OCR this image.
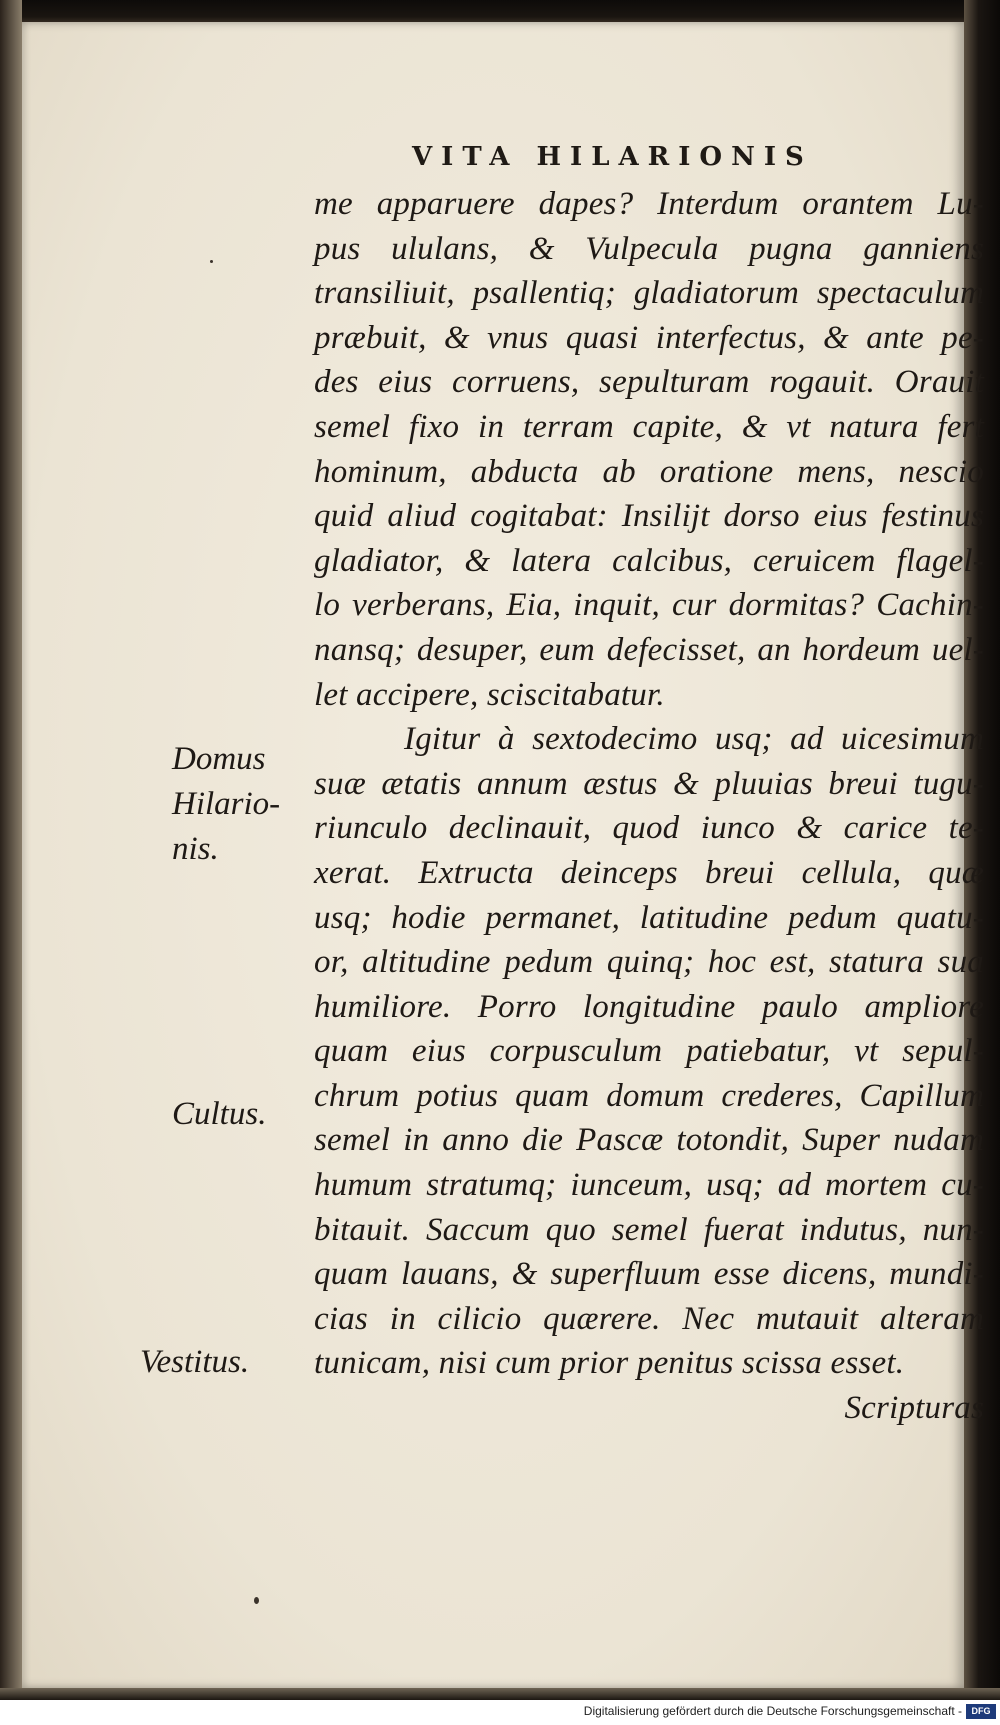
VITA HILARIONIS
me apparuere dapes? Interdum orantem Lu-
pus ululans, & Vulpecula pugna ganniens
transiliuit, psallentiq; gladiatorum spectaculum
præbuit, & vnus quasi interfectus, & ante pe-
des eius corruens, sepulturam rogauit. Orauit
semel fixo in terram capite, & vt natura fert
hominum, abducta ab oratione mens, nescio
quid aliud cogitabat: Insilijt dorso eius festinus
gladiator, & latera calcibus, ceruicem flagel-
lo verberans, Eia, inquit, cur dormitas? Cachin-
nansq; desuper, eum defecisset, an hordeum uel-
let accipere, sciscitabatur.
Igitur à sextodecimo usq; ad uicesimum
suæ ætatis annum æstus & pluuias breui tugu-
riunculo declinauit, quod iunco & carice te-
xerat. Extructa deinceps breui cellula, quæ
usq; hodie permanet, latitudine pedum quatu-
or, altitudine pedum quinq; hoc est, statura sua
humiliore. Porro longitudine paulo ampliore
quam eius corpusculum patiebatur, vt sepul-
chrum potius quam domum crederes, Capillum
semel in anno die Pascæ totondit, Super nudam
humum stratumq; iunceum, usq; ad mortem cu-
bitauit. Saccum quo semel fuerat indutus, nun-
quam lauans, & superfluum esse dicens, mundi-
cias in cilicio quærere. Nec mutauit alteram
tunicam, nisi cum prior penitus scissa esset.
Scripturas
Domus
Hilario-
nis.
Cultus.
Vestitus.
Digitalisierung gefördert durch die Deutsche Forschungsgemeinschaft -	DFG
